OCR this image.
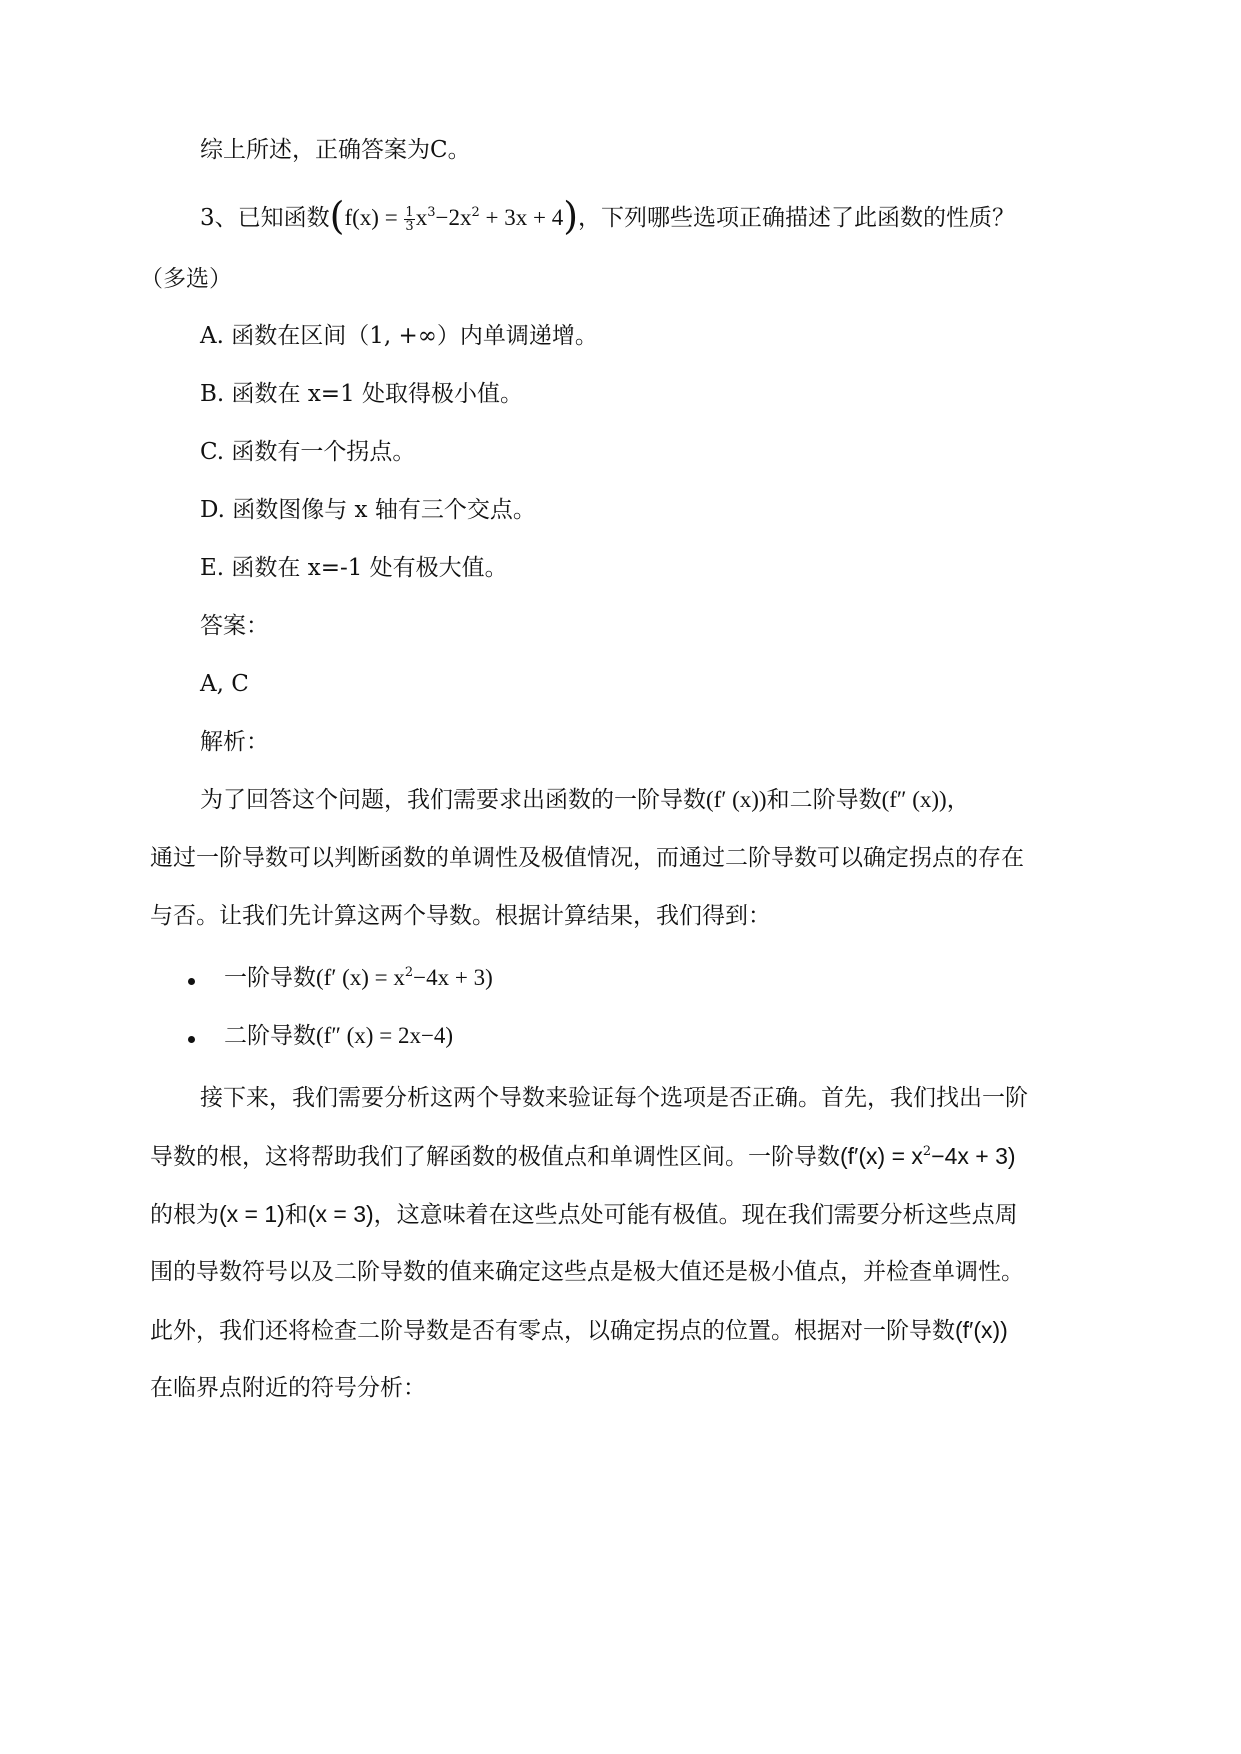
综上所述，正确答案为C。
3、已知函数$(f(x) = \frac{1}{3} x^3-2x^2 + 3x + 4)$，下列哪些选项正确描述了此函数的性质？
（多选）
A. 函数在区间（1, +∞）内单调递增。
B. 函数在 x=1 处取得极小值。
C. 函数有一个拐点。
D. 函数图像与 x 轴有三个交点。
E. 函数在 x=-1 处有极大值。
答案：
A, C
解析：
为了回答这个问题，我们需要求出函数的一阶导数(f′ (x))和二阶导数(f″ (x))，
通过一阶导数可以判断函数的单调性及极值情况，而通过二阶导数可以确定拐点的存在
与否。让我们先计算这两个导数。根据计算结果，我们得到：
一阶导数(f′ $(x) = x^2-4x + 3$)
二阶导数(f″ (x) = 2x−4)
接下来，我们需要分析这两个导数来验证每个选项是否正确。首先，我们找出一阶
导数的根，这将帮助我们了解函数的极值点和单调性区间。一阶导数$(f'(x) = x^2-4x + 3)$
的根为(x = 1)和(x = 3)，这意味着在这些点处可能有极值。现在我们需要分析这些点周
围的导数符号以及二阶导数的值来确定这些点是极大值还是极小值点，并检查单调性。
此外，我们还将检查二阶导数是否有零点，以确定拐点的位置。根据对一阶导数(f′(x))
在临界点附近的符号分析：
